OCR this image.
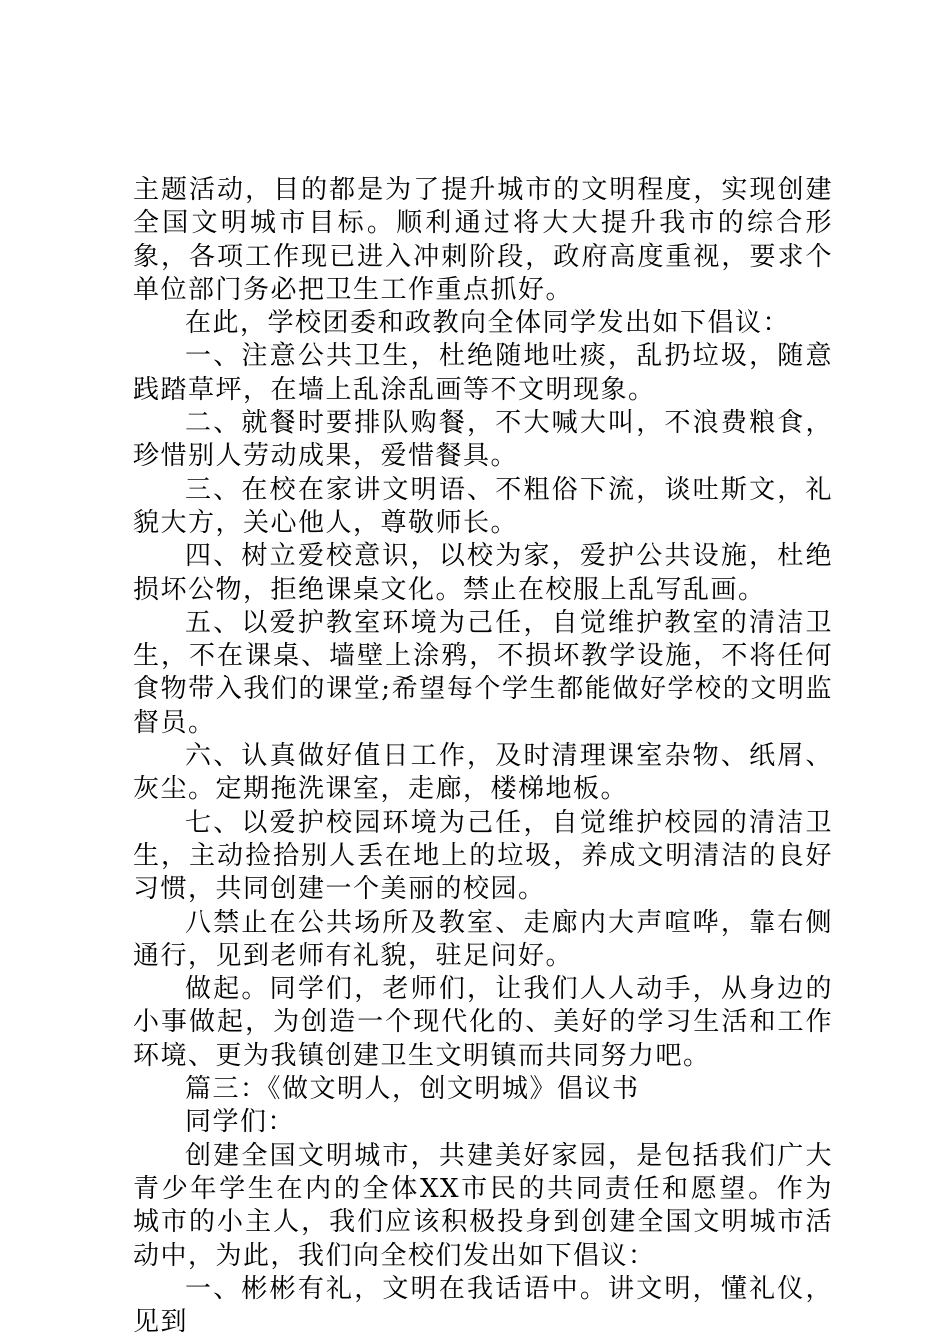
主题活动，目的都是为了提升城市的文明程度，实现创建全国文明城市目标。顺利通过将大大提升我市的综合形象，各项工作现已进入冲刺阶段，政府高度重视，要求个单位部门务必把卫生工作重点抓好。

在此，学校团委和政教向全体同学发出如下倡议：

一、注意公共卫生，杜绝随地吐痰，乱扔垃圾，随意践踏草坪，在墙上乱涂乱画等不文明现象。

二、就餐时要排队购餐，不大喊大叫，不浪费粮食，珍惜别人劳动成果，爱惜餐具。

三、在校在家讲文明语、不粗俗下流，谈吐斯文，礼貌大方，关心他人，尊敬师长。

四、树立爱校意识，以校为家，爱护公共设施，杜绝损坏公物，拒绝课桌文化。禁止在校服上乱写乱画。

五、以爱护教室环境为己任，自觉维护教室的清洁卫生，不在课桌、墙壁上涂鸦，不损坏教学设施，不将任何食物带入我们的课堂;希望每个学生都能做好学校的文明监督员。

六、认真做好值日工作，及时清理课室杂物、纸屑、灰尘。定期拖洗课室，走廊，楼梯地板。

七、以爱护校园环境为己任，自觉维护校园的清洁卫生，主动捡拾别人丢在地上的垃圾，养成文明清洁的良好习惯，共同创建一个美丽的校园。

八禁止在公共场所及教室、走廊内大声喧哗，靠右侧通行，见到老师有礼貌，驻足问好。

做起。同学们，老师们，让我们人人动手，从身边的小事做起，为创造一个现代化的、美好的学习生活和工作环境、更为我镇创建卫生文明镇而共同努力吧。

篇三：《做文明人，创文明城》倡议书

同学们：

创建全国文明城市，共建美好家园，是包括我们广大青少年学生在内的全体XX市民的共同责任和愿望。作为城市的小主人，我们应该积极投身到创建全国文明城市活动中，为此，我们向全校们发出如下倡议：

一、彬彬有礼，文明在我话语中。讲文明，懂礼仪，见到
